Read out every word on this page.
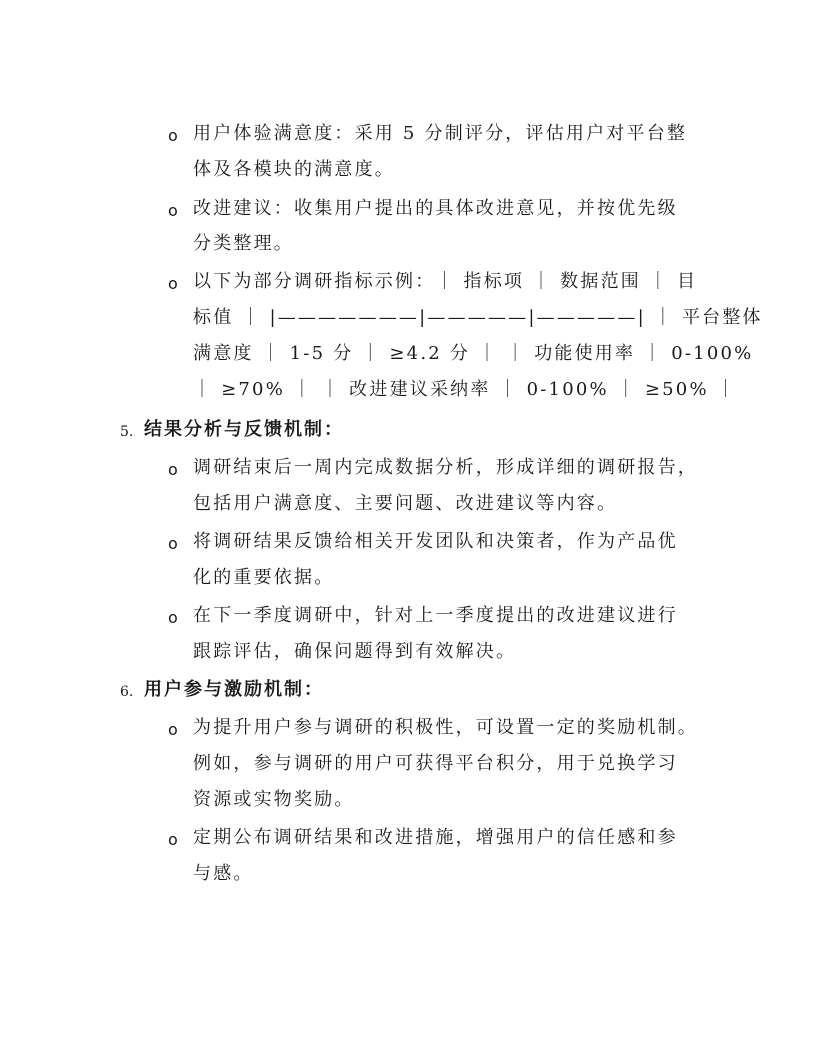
o 用户体验满意度：采用 5 分制评分，评估用户对平台整
体及各模块的满意度。
o 改进建议：收集用户提出的具体改进意见，并按优先级
分类整理。
o 以下为部分调研指标示例：｜ 指标项 ｜ 数据范围 ｜ 目
标值 ｜ |———————|—————|—————| ｜ 平台整体
满意度 ｜ 1-5 分 ｜ ≥4.2 分 ｜ ｜ 功能使用率 ｜ 0-100%
｜ ≥70% ｜ ｜ 改进建议采纳率 ｜ 0-100% ｜ ≥50% ｜
5. 结果分析与反馈机制：
o 调研结束后一周内完成数据分析，形成详细的调研报告，
包括用户满意度、主要问题、改进建议等内容。
o 将调研结果反馈给相关开发团队和决策者，作为产品优
化的重要依据。
o 在下一季度调研中，针对上一季度提出的改进建议进行
跟踪评估，确保问题得到有效解决。
6. 用户参与激励机制：
o 为提升用户参与调研的积极性，可设置一定的奖励机制。
例如，参与调研的用户可获得平台积分，用于兑换学习
资源或实物奖励。
o 定期公布调研结果和改进措施，增强用户的信任感和参
与感。
